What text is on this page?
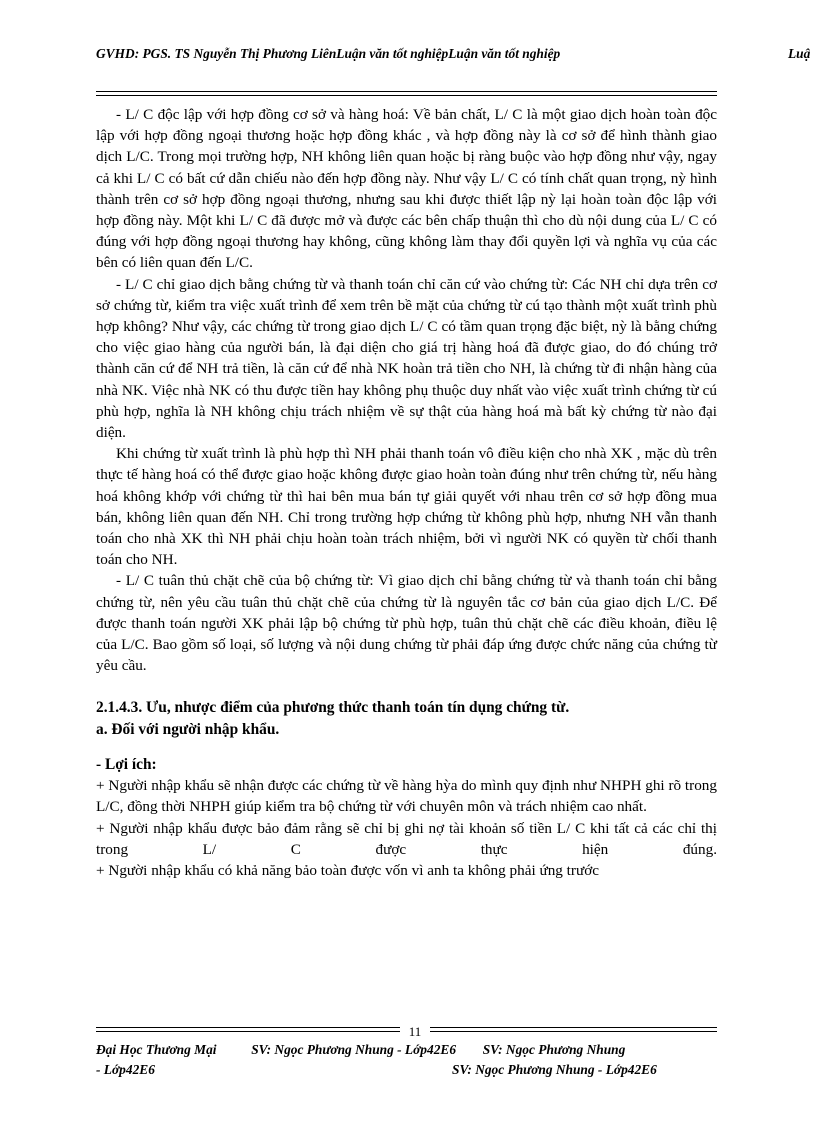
GVHD: PGS. TS Nguyễn Thị Phương LiênLuận văn tốt nghiệpLuận văn tốt nghiệp	Luậ

- L/ C độc lập với hợp đồng cơ sở và hàng hoá: Về bản chất, L/ C là một giao dịch hoàn toàn độc lập với hợp đồng ngoại thương hoặc hợp đồng khác , và hợp đồng này là cơ sở để hình thành giao dịch L/C. Trong mọi trường hợp, NH không liên quan hoặc bị ràng buộc vào hợp đồng như vậy, ngay cả khi L/ C có bất cứ dẫn chiếu nào đến hợp đồng này. Như vậy L/ C có tính chất quan trọng, nỳ hình thành trên cơ sở hợp đồng ngoại thương, nhưng sau khi được thiết lập nỳ lại hoàn toàn độc lập với hợp đồng này. Một khi L/ C đã được mở và được các bên chấp thuận thì cho dù nội dung của L/ C có đúng với hợp đồng ngoại thương hay không, cũng không làm thay đổi quyền lợi và nghĩa vụ của các bên có liên quan đến L/C.

- L/ C chỉ giao dịch bằng chứng từ và thanh toán chỉ căn cứ vào chứng từ: Các NH chỉ dựa trên cơ sở chứng từ, kiểm tra việc xuất trình để xem trên bề mặt của chứng từ cú tạo thành một xuất trình phù hợp không? Như vậy, các chứng từ trong giao dịch L/ C có tầm quan trọng đặc biệt, nỳ là bằng chứng cho việc giao hàng của người bán, là đại diện cho giá trị hàng hoá đã được giao, do đó chúng trở thành căn cứ để NH trả tiền, là căn cứ để nhà NK hoàn trả tiền cho NH, là chứng từ đi nhận hàng của nhà NK. Việc nhà NK có thu được tiền hay không phụ thuộc duy nhất vào việc xuất trình chứng từ cú phù hợp, nghĩa là NH không chịu trách nhiệm về sự thật của hàng hoá mà bất kỳ chứng từ nào đại diện.

Khi chứng từ xuất trình là phù hợp thì NH phải thanh toán vô điều kiện cho nhà XK , mặc dù trên thực tế hàng hoá có thể được giao hoặc không được giao hoàn toàn đúng như trên chứng từ, nếu hàng hoá không khớp với chứng từ thì hai bên mua bán tự giải quyết với nhau trên cơ sở hợp đồng mua bán, không liên quan đến NH. Chỉ trong trường hợp chứng từ không phù hợp, nhưng NH vẫn thanh toán cho nhà XK thì NH phải chịu hoàn toàn trách nhiệm, bởi vì người NK có quyền từ chối thanh toán cho NH.

- L/ C tuân thủ chặt chẽ của bộ chứng từ: Vì giao dịch chỉ bằng chứng từ và thanh toán chỉ bằng chứng từ, nên yêu cầu tuân thủ chặt chẽ của chứng từ là nguyên tắc cơ bản của giao dịch L/C. Để được thanh toán người XK phải lập bộ chứng từ phù hợp, tuân thủ chặt chẽ các điều khoản, điều lệ của L/C. Bao gồm số loại, số lượng và nội dung chứng từ phải đáp ứng được chức năng của chứng từ yêu cầu.

2.1.4.3. Ưu, nhược điểm của phương thức thanh toán tín dụng chứng từ.

a. Đối với người nhập khẩu.

- Lợi ích:

+ Người nhập khẩu sẽ nhận được các chứng từ về hàng hỳa do mình quy định như NHPH ghi rõ trong L/C, đồng thời NHPH giúp kiểm tra bộ chứng từ với chuyên môn và trách nhiệm cao nhất.

+ Người nhập khẩu được bảo đảm rằng sẽ chỉ bị ghi nợ tài khoản số tiền L/ C khi tất cả các chỉ thị trong L/ C được thực hiện đúng.

+ Người nhập khẩu có khả năng bảo toàn được vốn vì anh ta không phải ứng trước

11
Đại Học Thương Mại	SV: Ngọc Phương Nhung - Lớp42E6 SV: Ngọc Phương Nhung
- Lớp42E6	SV: Ngọc Phương Nhung - Lớp42E6
